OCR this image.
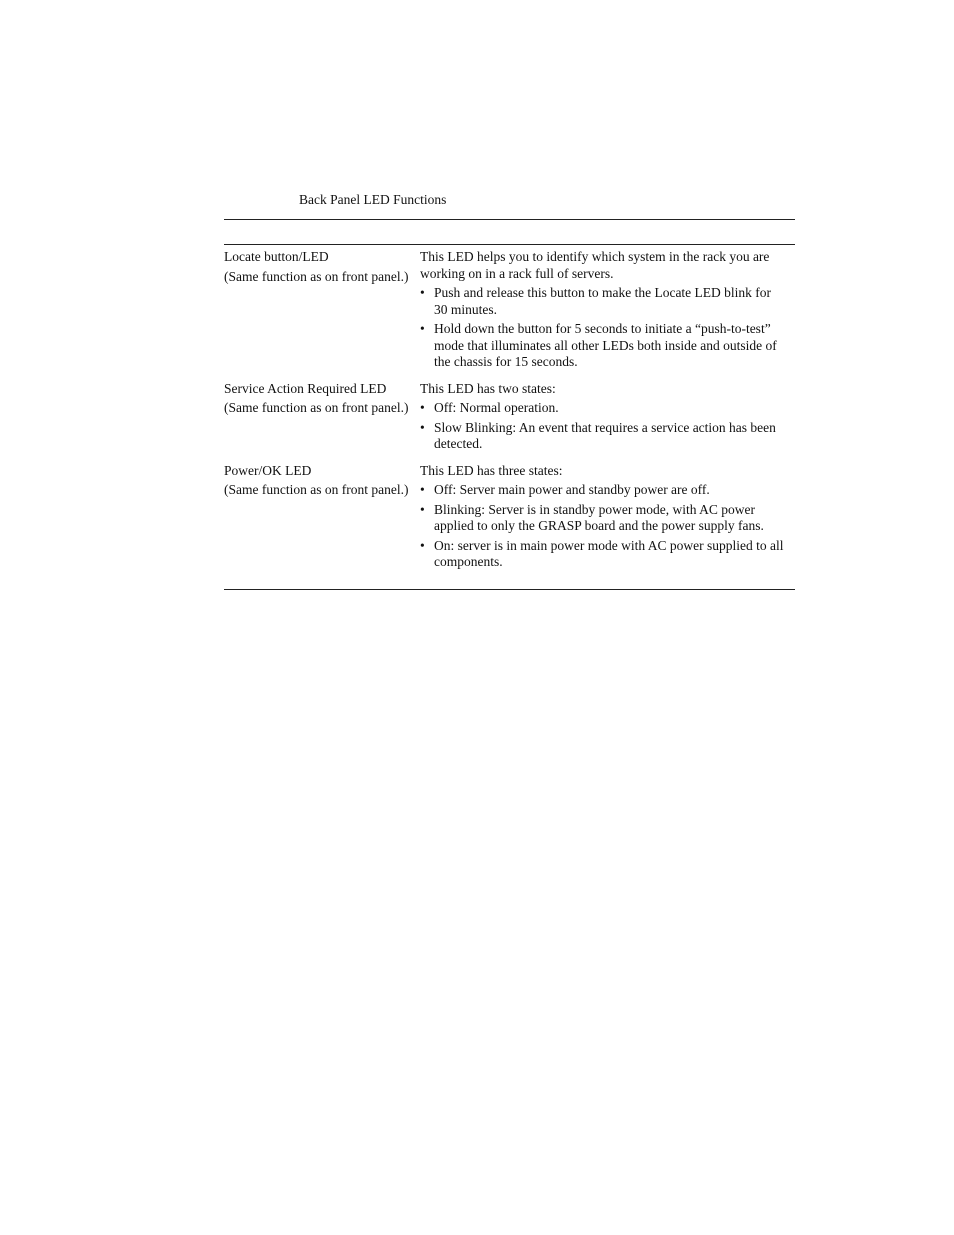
Back Panel LED Functions

Locate button/LED

(Same function as on front panel.)

This LED helps you to identify which system in the rack you are working on in a rack full of servers.

• Push and release this button to make the Locate LED blink for 30 minutes.
• Hold down the button for 5 seconds to initiate a “push-to-test” mode that illuminates all other LEDs both inside and outside of the chassis for 15 seconds.

Service Action Required LED

(Same function as on front panel.)

This LED has two states:

• Off: Normal operation.
• Slow Blinking: An event that requires a service action has been detected.

Power/OK LED

(Same function as on front panel.)

This LED has three states:

• Off: Server main power and standby power are off.
• Blinking: Server is in standby power mode, with AC power applied to only the GRASP board and the power supply fans.
• On: server is in main power mode with AC power supplied to all components.
